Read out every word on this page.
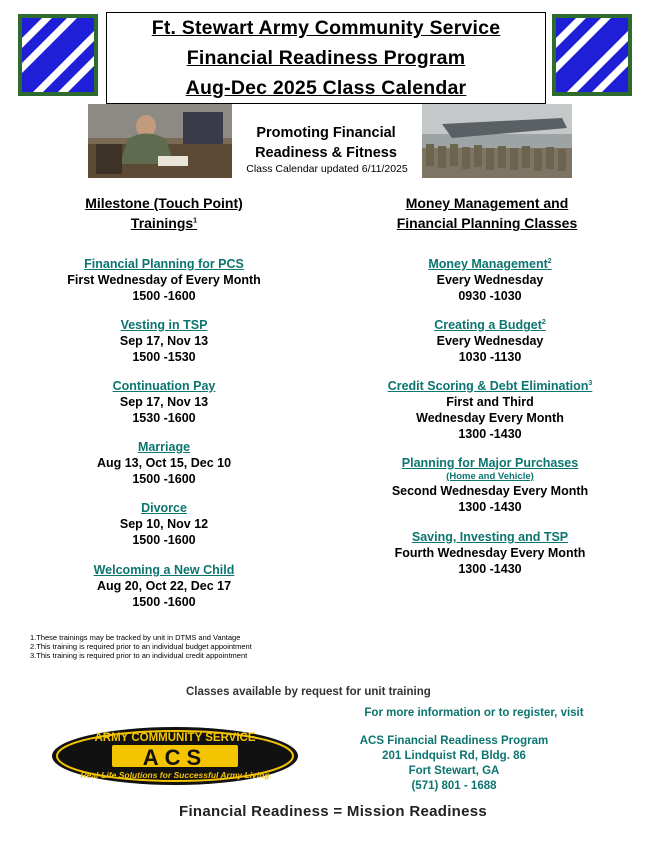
Ft. Stewart Army Community Service
Financial Readiness Program
Aug-Dec 2025 Class Calendar
Promoting Financial
Readiness & Fitness
Class Calendar updated 6/11/2025
Milestone (Touch Point)
Trainings$^1$
Money Management and
Financial Planning Classes
Financial Planning for PCS
First Wednesday of Every Month
1500 -1600
Vesting in TSP
Sep 17, Nov 13
1500 -1530
Continuation Pay
Sep 17, Nov 13
1530 -1600
Marriage
Aug 13, Oct 15, Dec 10
1500 -1600
Divorce
Sep 10, Nov 12
1500 -1600
Welcoming a New Child
Aug 20, Oct 22, Dec 17
1500 -1600
Money Management$^2$
Every Wednesday
0930 -1030
Creating a Budget$^2$
Every Wednesday
1030 -1130
Credit Scoring & Debt Elimination$^3$
First and Third
Wednesday Every Month
1300 -1430
Planning for Major Purchases
(Home and Vehicle)
Second Wednesday Every Month
1300 -1430
Saving, Investing and TSP
Fourth Wednesday Every Month
1300 -1430
1.These trainings may be tracked by unit in DTMS and Vantage
2.This training is required prior to an individual budget appointment
3.This training is required prior to an individual credit appointment
Classes available by request for unit training
For more information or to register, visit
ARMY COMMUNITY SERVICE
ACS
Real-Life Solutions for Successful Army Living
ACS Financial Readiness Program
201 Lindquist Rd, Bldg. 86
Fort Stewart, GA
(571) 801 - 1688
Financial Readiness = Mission Readiness
